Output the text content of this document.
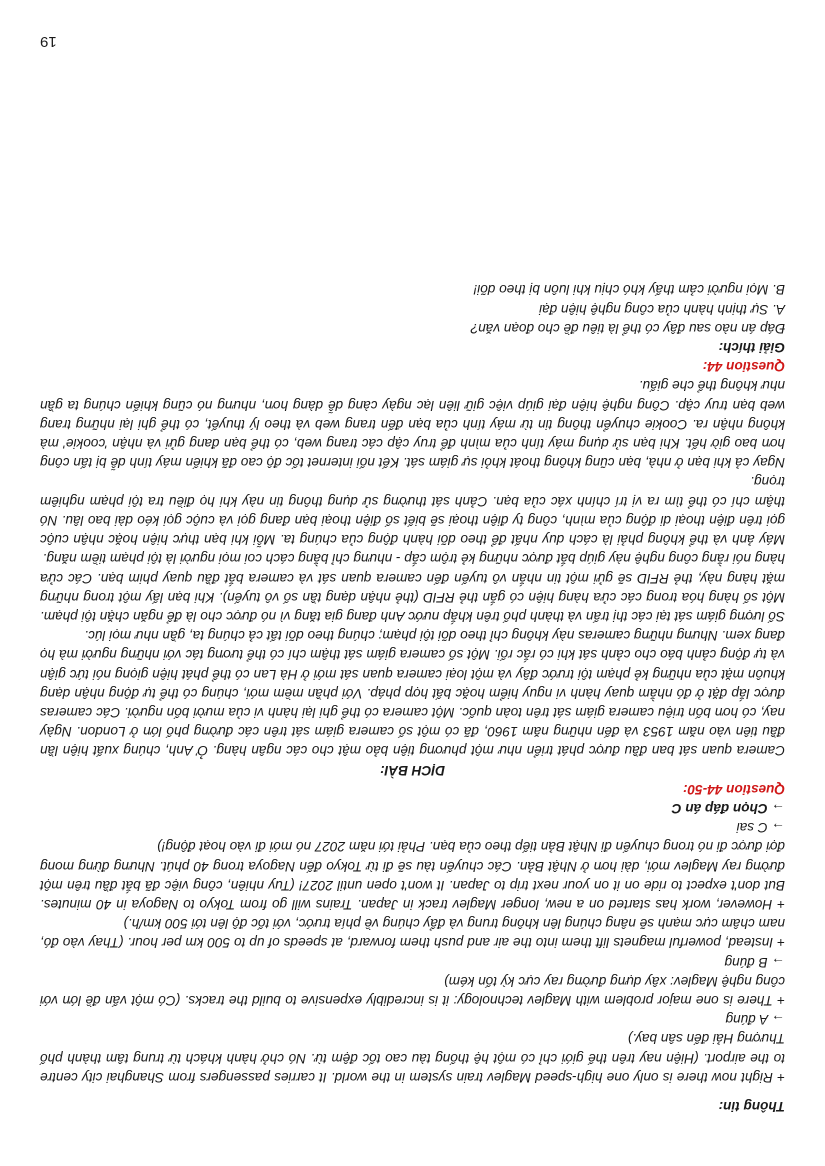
Thông tin:

+ Right now there is only one high-speed Maglev train system in the world. It carries passengers from Shanghai city centre to the airport. (Hiện nay trên thế giới chỉ có một hệ thống tàu cao tốc đệm từ. Nó chở hành khách từ trung tâm thành phố Thượng Hải đến sân bay.)

→ A đúng

+ There is one major problem with Maglev technology: it is incredibly expensive to build the tracks. (Có một vấn đề lớn với công nghệ Maglev: xây dựng đường ray cực kỳ tốn kém)

→ B đúng

+ Instead, powerful magnets lift them into the air and push them forward, at speeds of up to 500 km per hour. (Thay vào đó, nam châm cực mạnh sẽ nâng chúng lên không trung và đẩy chúng về phía trước, với tốc độ lên tới 500 km/h.)

+ However, work has started on a new, longer Maglev track in Japan. Trains will go from Tokyo to Nagoya in 40 minutes. But don't expect to ride on it on your next trip to Japan. It won't open until 2027! (Tuy nhiên, công việc đã bắt đầu trên một đường ray Maglev mới, dài hơn ở Nhật Bản. Các chuyến tàu sẽ đi từ Tokyo đến Nagoya trong 40 phút. Nhưng đừng mong đợi được đi nó trong chuyến đi Nhật Bản tiếp theo của bạn. Phải tới năm 2027 nó mới đi vào hoạt động!)

→ C sai

→ Chọn đáp án C

Question 44-50:
DỊCH BÀI:

Camera quan sát ban đầu được phát triển như một phương tiện bảo mật cho các ngân hàng. Ở Anh, chúng xuất hiện lần đầu tiên vào năm 1953 và đến những năm 1960, đã có một số camera giám sát trên các đường phố lớn ở London. Ngày nay, có hơn bốn triệu camera giám sát trên toàn quốc. Một camera có thể ghi lại hành vi của mười bốn người. Các cameras được lắp đặt ở đó nhằm quay hành vi nguy hiểm hoặc bất hợp pháp. Với phần mềm mới, chúng có thể tự động nhận dạng khuôn mặt của những kẻ phạm tội trước đây và một loại camera quan sát mới ở Hà Lan có thể phát hiện giọng nói tức giận và tự động cảnh báo cho cảnh sát khi có rắc rối. Một số camera giám sát thậm chí có thể tương tác với những người mà họ đang xem. Nhưng những cameras này không chỉ theo dõi tội phạm; chúng theo dõi tất cả chúng ta, gần như mọi lúc.

Số lượng giám sát tại các thị trấn và thành phố trên khắp nước Anh đang gia tăng vì nó được cho là để ngăn chặn tội phạm. Một số hàng hóa trong các cửa hàng hiện có gắn thẻ RFID (thẻ nhận dạng tần số vô tuyến). Khi bạn lấy một trong những mặt hàng này, thẻ RFID sẽ gửi một tin nhắn vô tuyến đến camera quan sát và camera bắt đầu quay phim bạn. Các cửa hàng nói rằng công nghệ này giúp bắt được những kẻ trộm cắp - nhưng chỉ bằng cách coi mọi người là tội phạm tiềm năng.

Máy ảnh và thể không phải là cách duy nhất để theo dõi hành động của chúng ta. Mỗi khi bạn thực hiện hoặc nhận cuộc gọi trên điện thoại di động của mình, công ty điện thoại sẽ biết số điện thoại bạn đang gọi và cuộc gọi kéo dài bao lâu. Nó thậm chí có thể tìm ra vị trí chính xác của bạn. Cảnh sát thường sử dụng thông tin này khi họ điều tra tội phạm nghiêm trọng.

Ngay cả khi bạn ở nhà, bạn cũng không thoát khỏi sự giám sát. Kết nối internet tốc độ cao đã khiến máy tính dễ bị tấn công hơn bao giờ hết. Khi bạn sử dụng máy tính của mình để truy cập các trang web, có thể bạn đang gửi và nhận 'cookie' mà không nhận ra. Cookie chuyển thông tin từ máy tính của bạn đến trang web và theo lý thuyết, có thể ghi lại những trang web bạn truy cập. Công nghệ hiện đại giúp việc giữ liên lạc ngày càng dễ dàng hơn, nhưng nó cũng khiến chúng ta gần như không thể che giấu.

Question 44:
Giải thích:

Đáp án nào sau đây có thể là tiêu đề cho đoạn văn?

A. Sự thịnh hành của công nghệ hiện đại

B. Mọi người cảm thấy khó chịu khi luôn bị theo dõi!

19
